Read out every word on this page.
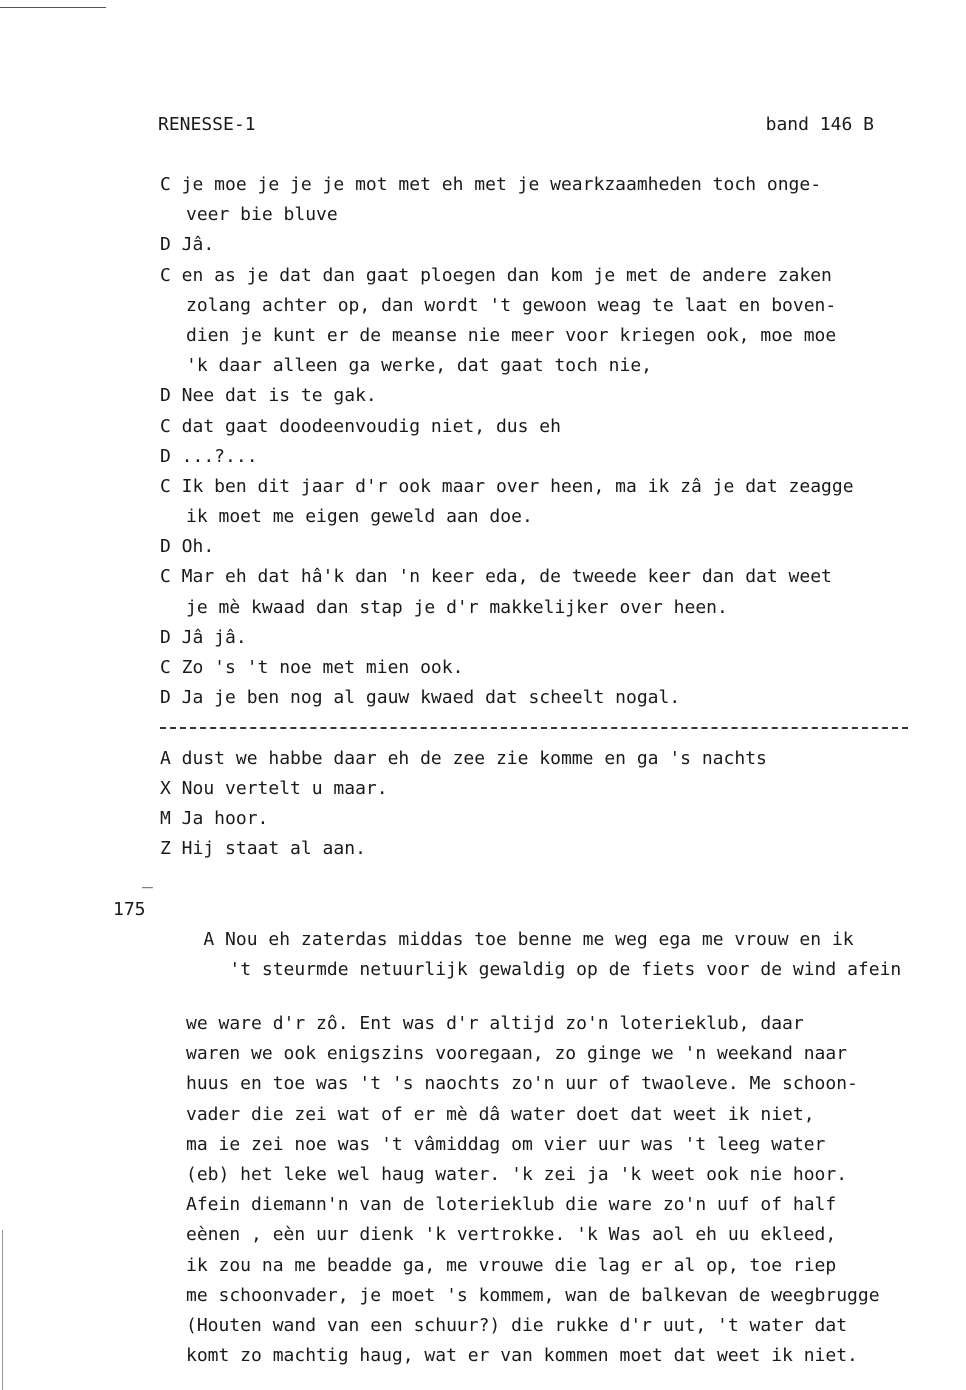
RENESSE-1	band 146 B
C je moe je je je mot met eh met je wearkzaamheden toch onge-
veer bie bluve
D Jâ.
C en as je dat dan gaat ploegen dan kom je met de andere zaken
zolang achter op, dan wordt 't gewoon weag te laat en boven- dien je kunt er de meanse nie meer voor kriegen ook, moe moe 'k daar alleen ga werke, dat gaat toch nie,
D Nee dat is te gak.
C dat gaat doodeenvoudig niet, dus eh
D ...?...
C Ik ben dit jaar d'r ook maar over heen, ma ik zâ je dat zeagge
ik moet me eigen geweld aan doe.
D Oh.
C Mar eh dat hâ'k dan 'n keer eda, de tweede keer dan dat weet
je mè kwaad dan stap je d'r makkelijker over heen.
D Jâ jâ.
C Zo 's 't noe met mien ook.
D Ja je ben nog al gauw kwaed dat scheelt nogal.
A dust we habbe daar eh de zee zie komme en ga 's nachts
X Nou vertelt u maar.
M Ja hoor.
Z Hij staat al aan.

_

A Nou eh zaterdas middas toe benne me weg ega me vrouw en ik

175

't steurmde netuurlijk gewaldig op de fiets voor de wind afein
we ware d'r zô. Ent was d'r altijd zo'n loterieklub, daar waren we ook enigszins vooregaan, zo ginge we 'n weekand naar huus en toe was 't 's naochts zo'n uur of twaoleve. Me schoon- vader die zei wat of er mè dâ water doet dat weet ik niet, ma ie zei noe was 't vâmiddag om vier uur was 't leeg water (eb) het leke wel haug water. 'k zei ja 'k weet ook nie hoor. Afein diemann'n van de loterieklub die ware zo'n uuf of half eènen , eèn uur dienk 'k vertrokke. 'k Was aol eh uu ekleed, ik zou na me beadde ga, me vrouwe die lag er al op, toe riep me schoonvader, je moet 's kommem, wan de balkevan de weegbrugge (Houten wand van een schuur?) die rukke d'r uut, 't water dat komt zo machtig haug, wat er van kommen moet dat weet ik niet.
